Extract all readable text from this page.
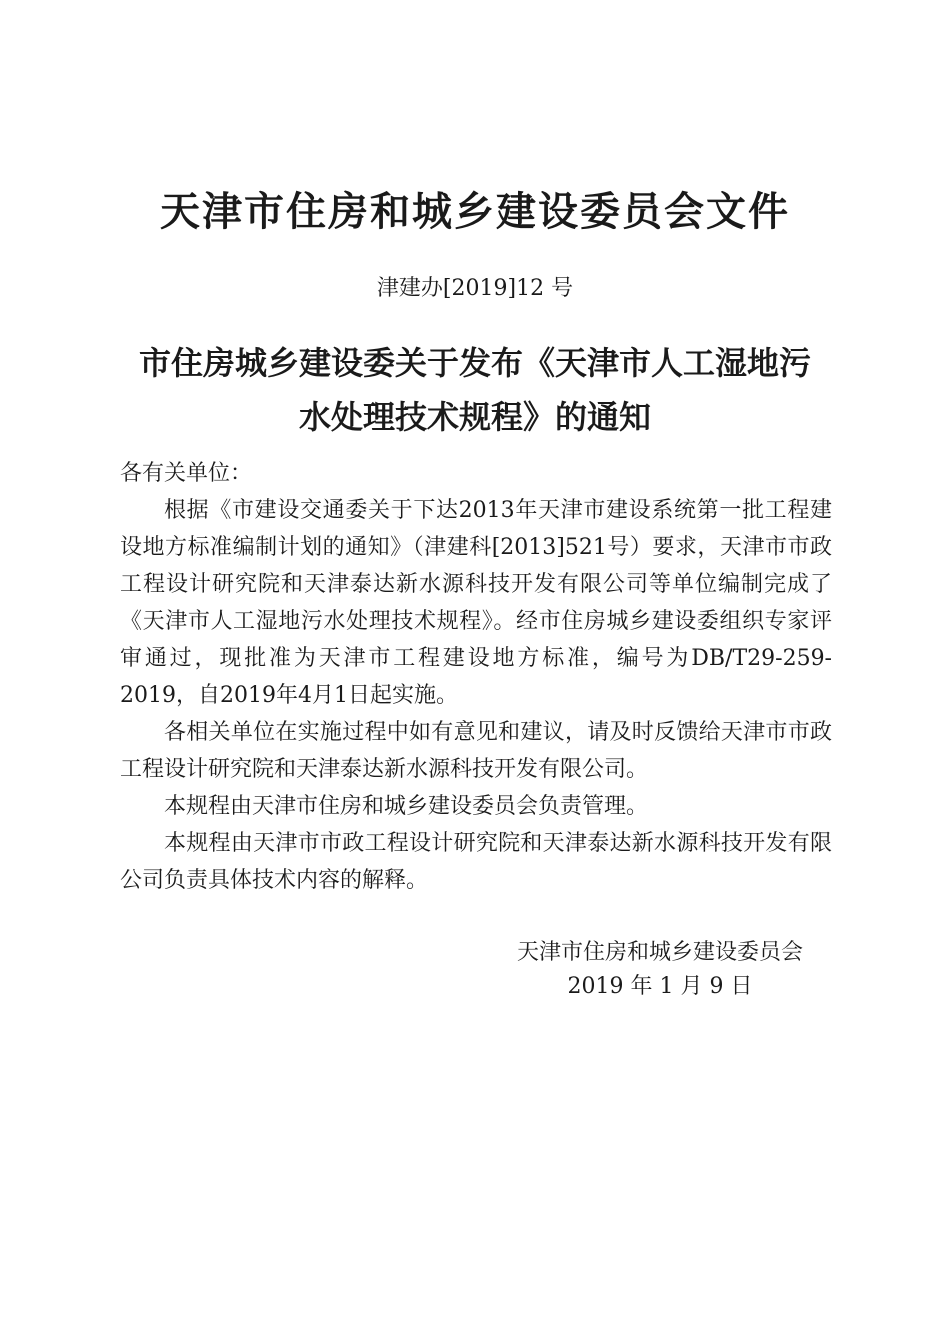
天津市住房和城乡建设委员会文件
津建办[2019]12 号
市住房城乡建设委关于发布《天津市人工湿地污
水处理技术规程》的通知

各有关单位：

根据《市建设交通委关于下达2013年天津市建设系统第一批工程建设地方标准编制计划的通知》（津建科[2013]521号）要求，天津市市政工程设计研究院和天津泰达新水源科技开发有限公司等单位编制完成了《天津市人工湿地污水处理技术规程》。经市住房城乡建设委组织专家评审通过，现批准为天津市工程建设地方标准，编号为DB/T29-259-2019，自2019年4月1日起实施。

各相关单位在实施过程中如有意见和建议，请及时反馈给天津市市政工程设计研究院和天津泰达新水源科技开发有限公司。

本规程由天津市住房和城乡建设委员会负责管理。

本规程由天津市市政工程设计研究院和天津泰达新水源科技开发有限公司负责具体技术内容的解释。

天津市住房和城乡建设委员会
2019 年 1 月 9 日
